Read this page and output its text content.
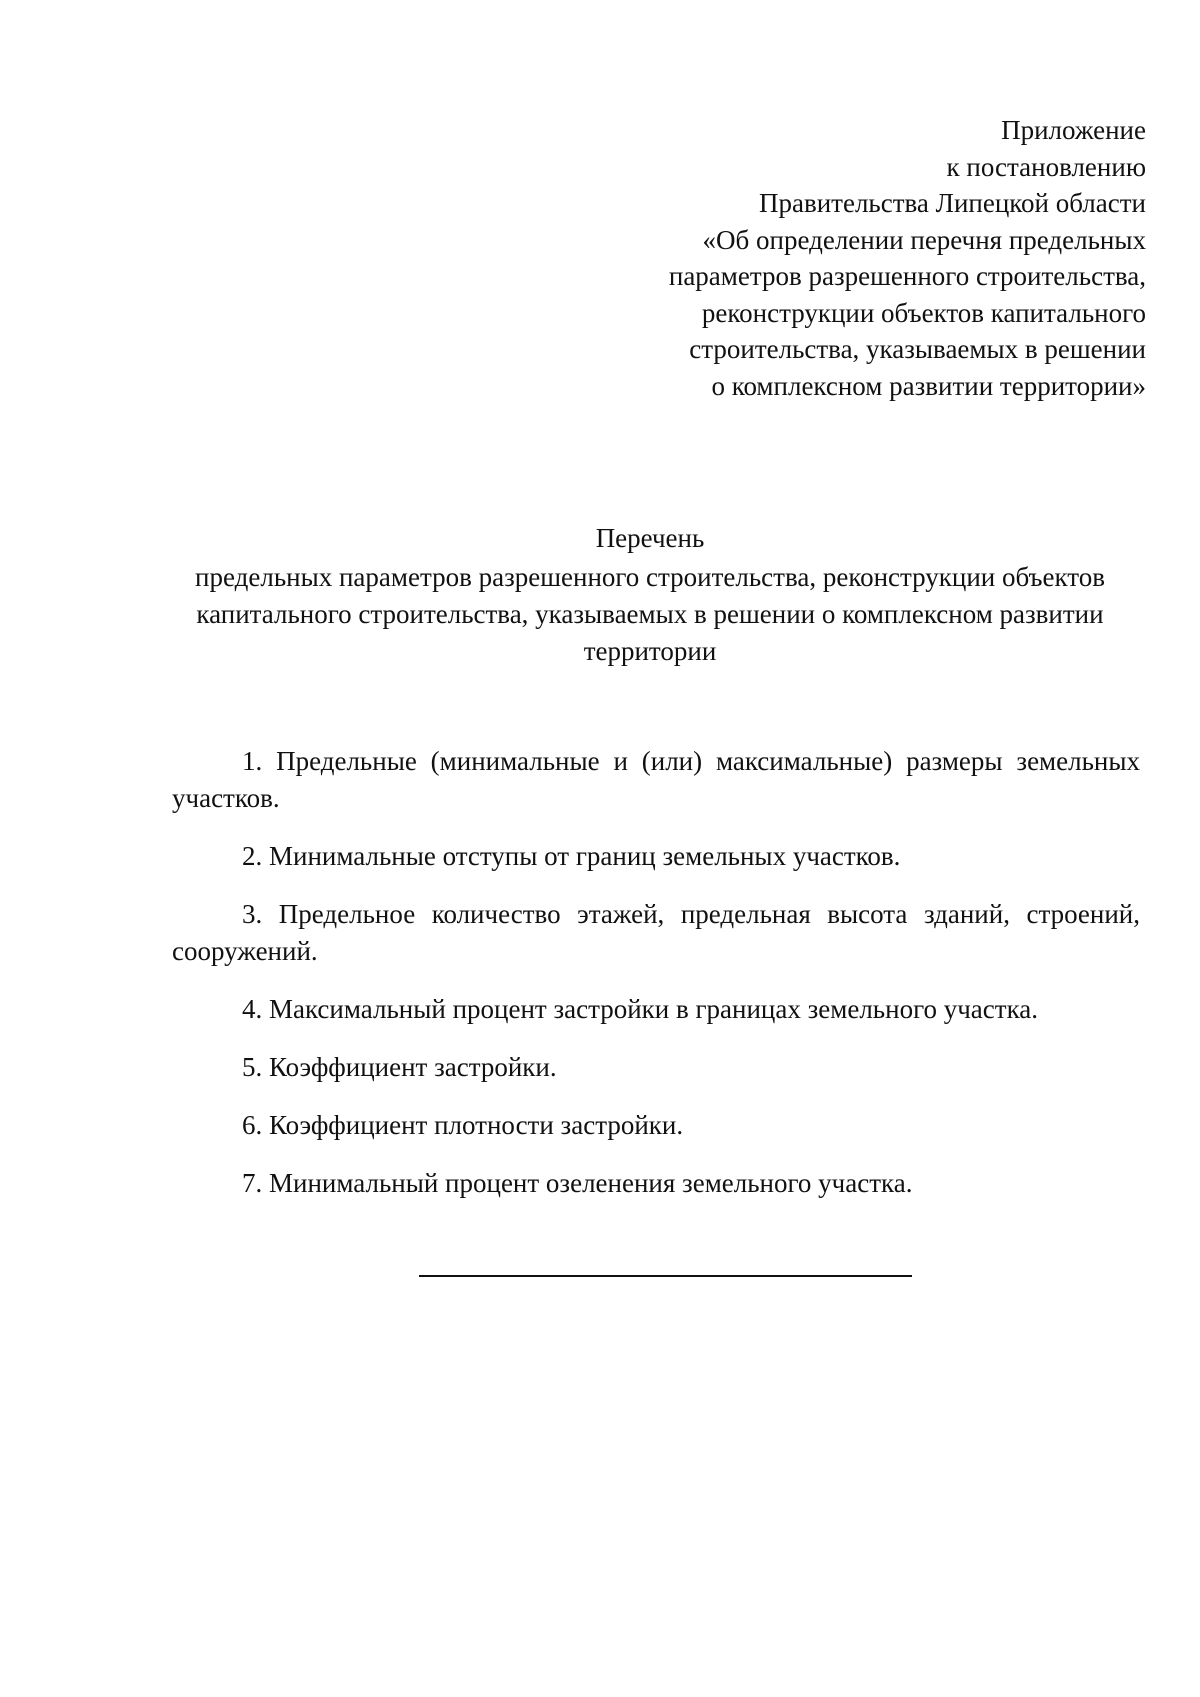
Приложение
к постановлению
Правительства Липецкой области
«Об определении перечня предельных
параметров разрешенного строительства,
реконструкции объектов капитального
строительства, указываемых в решении
о комплексном развитии территории»
Перечень
предельных параметров разрешенного строительства, реконструкции объектов капитального строительства, указываемых в решении о комплексном развитии территории

1. Предельные (минимальные и (или) максимальные) размеры земельных участков.

2. Минимальные отступы от границ земельных участков.

3. Предельное количество этажей, предельная высота зданий, строений, сооружений.

4. Максимальный процент застройки в границах земельного участка.

5. Коэффициент застройки.

6. Коэффициент плотности застройки.

7. Минимальный процент озеленения земельного участка.
